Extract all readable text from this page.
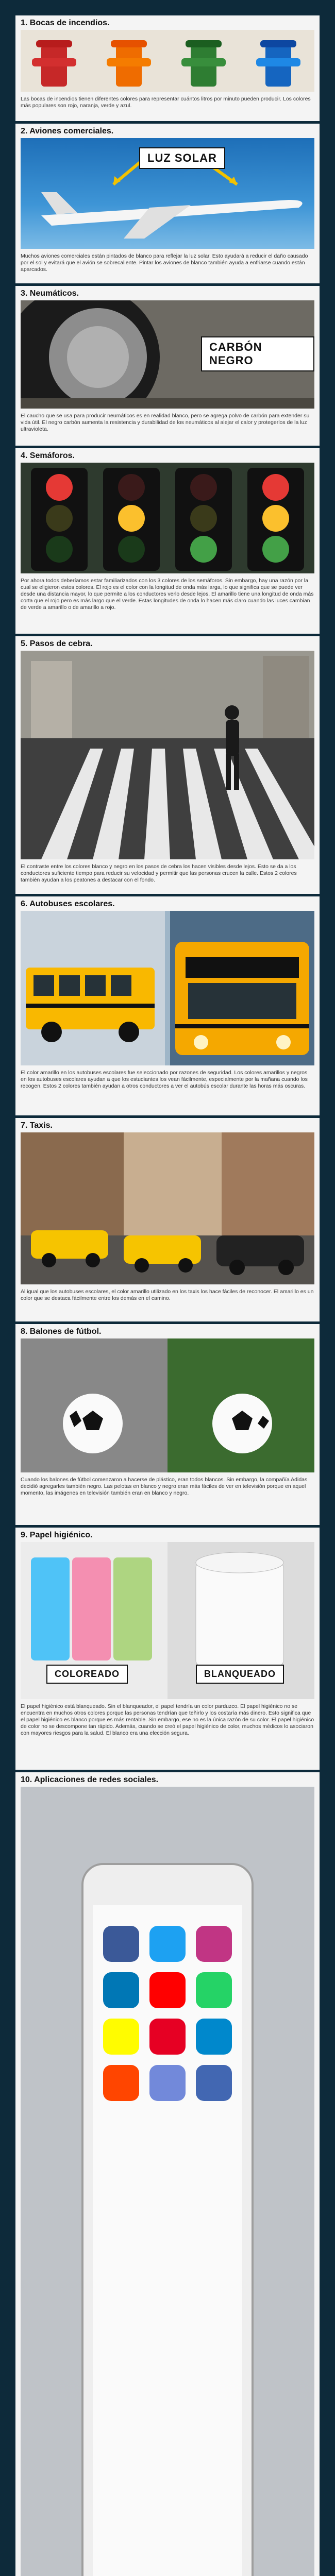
1. Bocas de incendios.

Las bocas de incendios tienen diferentes colores para representar cuántos litros por minuto pueden producir. Los colores más populares son rojo, naranja, verde y azul.

2. Aviones comerciales.
LUZ SOLAR

Muchos aviones comerciales están pintados de blanco para reflejar la luz solar. Esto ayudará a reducir el daño causado por el sol y evitará que el avión se sobrecaliente. Pintar los aviones de blanco también ayuda a enfriarse cuando están aparcados.

3. Neumáticos.
CARBÓN NEGRO

El caucho que se usa para producir neumáticos es en realidad blanco, pero se agrega polvo de carbón para extender su vida útil. El negro carbón aumenta la resistencia y durabilidad de los neumáticos al alejar el calor y protegerlos de la luz ultravioleta.

4. Semáforos.

Por ahora todos deberíamos estar familiarizados con los 3 colores de los semáforos. Sin embargo, hay una razón por la cual se eligieron estos colores. El rojo es el color con la longitud de onda más larga, lo que significa que se puede ver desde una distancia mayor, lo que permite a los conductores verlo desde lejos. El amarillo tiene una longitud de onda más corta que el rojo pero es más largo que el verde. Estas longitudes de onda lo hacen más claro cuando las luces cambian de verde a amarillo o de amarillo a rojo.

5. Pasos de cebra.

El contraste entre los colores blanco y negro en los pasos de cebra los hacen visibles desde lejos. Esto se da a los conductores suficiente tiempo para reducir su velocidad y permitir que las personas crucen la calle. Estos 2 colores también ayudan a los peatones a destacar con el fondo.

6. Autobuses escolares.

El color amarillo en los autobuses escolares fue seleccionado por razones de seguridad. Los colores amarillos y negros en los autobuses escolares ayudan a que los estudiantes los vean fácilmente, especialmente por la mañana cuando los recogen. Estos 2 colores también ayudan a otros conductores a ver el autobús escolar durante las horas más oscuras.

7. Taxis.

Al igual que los autobuses escolares, el color amarillo utilizado en los taxis los hace fáciles de reconocer. El amarillo es un color que se destaca fácilmente entre los demás en el camino.

8. Balones de fútbol.

Cuando los balones de fútbol comenzaron a hacerse de plástico, eran todos blancos. Sin embargo, la compañía Adidas decidió agregarles también negro. Las pelotas en blanco y negro eran más fáciles de ver en televisión porque en aquel momento, las imágenes en televisión también eran en blanco y negro.

9. Papel higiénico.
COLOREADO	BLANQUEADO

El papel higiénico está blanqueado. Sin el blanqueador, el papel tendría un color parduzco. El papel higiénico no se encuentra en muchos otros colores porque las personas tendrían que teñirlo y los costaría más dinero. Esto significa que el papel higiénico es blanco porque es más rentable. Sin embargo, ese no es la única razón de su color. El papel higiénico de color no se descompone tan rápido. Además, cuando se creó el papel higiénico de color, muchos médicos lo asociaron con mayores riesgos para la salud. El blanco era una elección segura.

10. Aplicaciones de redes sociales.
